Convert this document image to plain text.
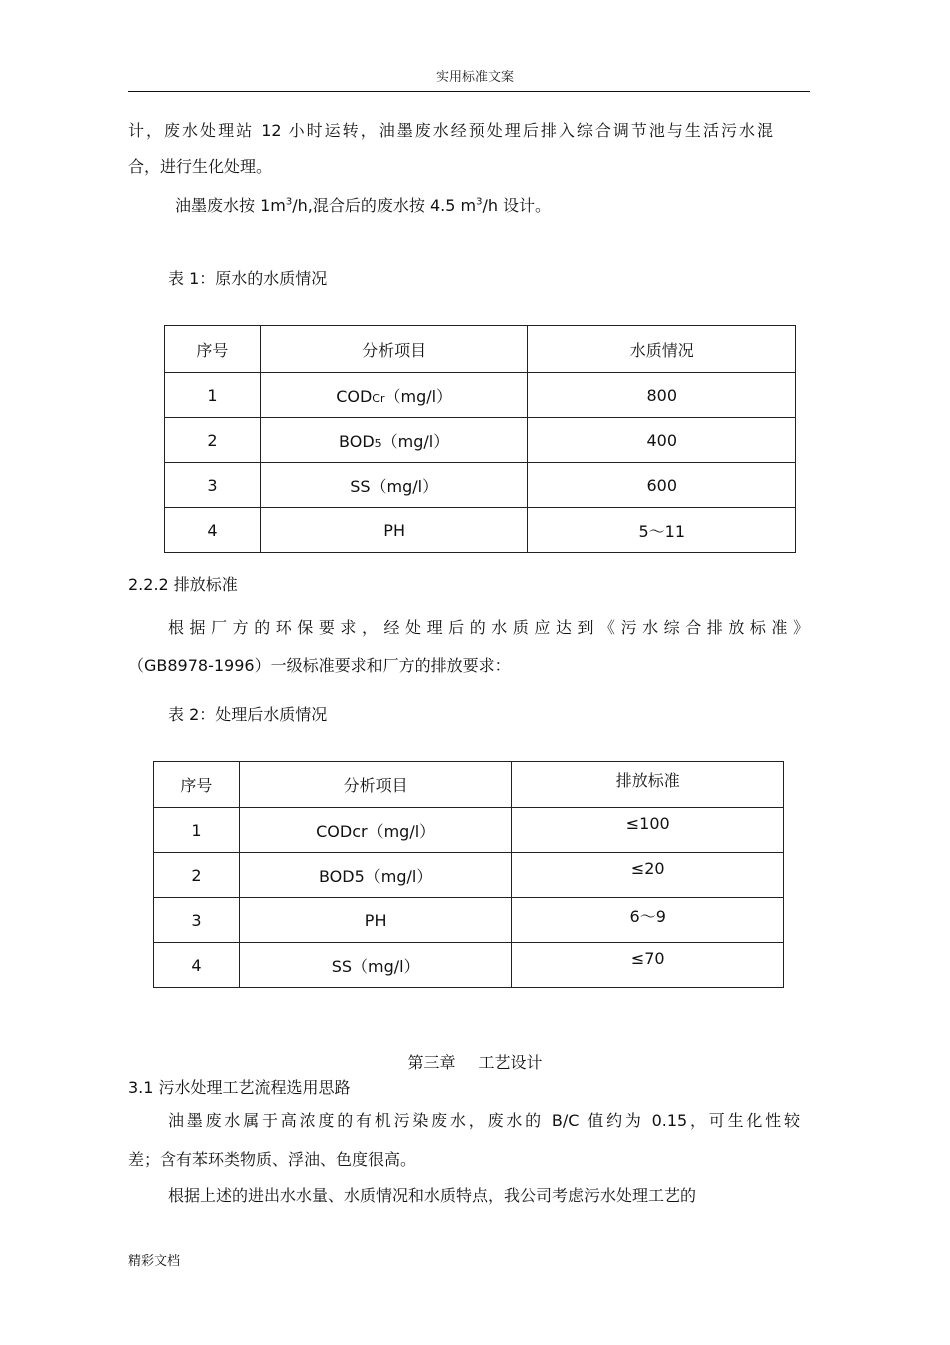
实用标准文案
计，废水处理站 12 小时运转，油墨废水经预处理后排入综合调节池与生活污水混
合，进行生化处理。
油墨废水按 $1m^3/h$,混合后的废水按 4.5 $m^3/h$ 设计。
表 1：原水的水质情况
序号	分析项目	水质情况
1	CODCr（mg/l）	800
2	BOD5（mg/l）	400
3	SS（mg/l）	600
4	PH	5～11
2.2.2 排放标准
根据厂方的环保要求，经处理后的水质应达到《污水综合排放标准》
（GB8978-1996）一级标准要求和厂方的排放要求：
表 2：处理后水质情况
序号	分析项目	排放标准
1	CODcr（mg/l）	≤100
2	BOD5（mg/l）	≤20
3	PH	6～9
4	SS（mg/l）	≤70
第三章 工艺设计
3.1 污水处理工艺流程选用思路
油墨废水属于高浓度的有机污染废水，废水的 B/C 值约为 0.15，可生化性较
差；含有苯环类物质、浮油、色度很高。
根据上述的进出水水量、水质情况和水质特点，我公司考虑污水处理工艺的
精彩文档
